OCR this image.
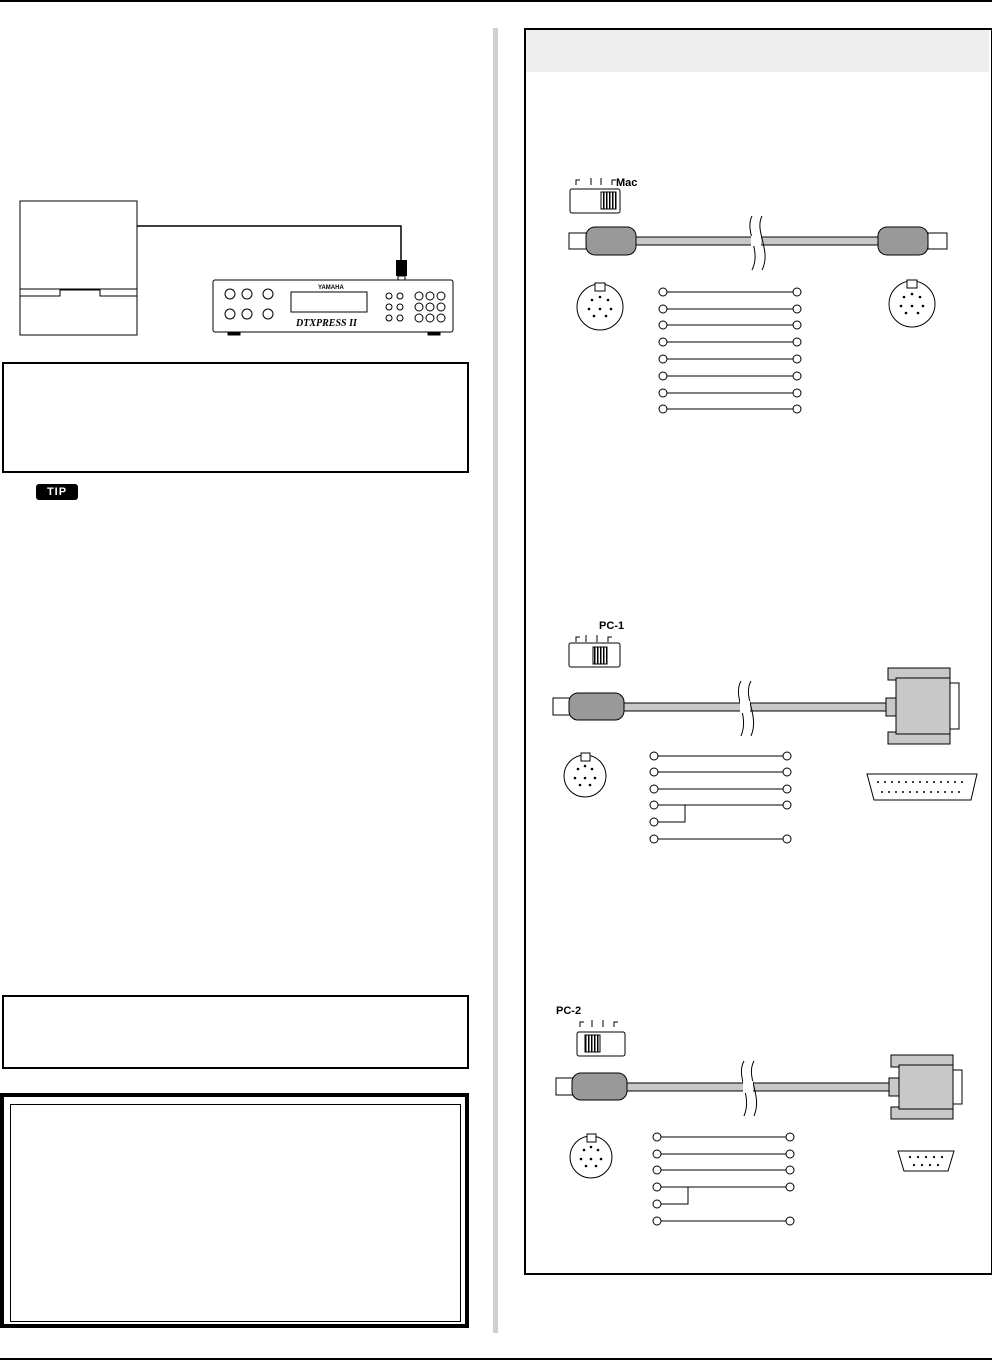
YAMAHA
DTXPRESS II
TIP
Mac
PC-1
PC-2
